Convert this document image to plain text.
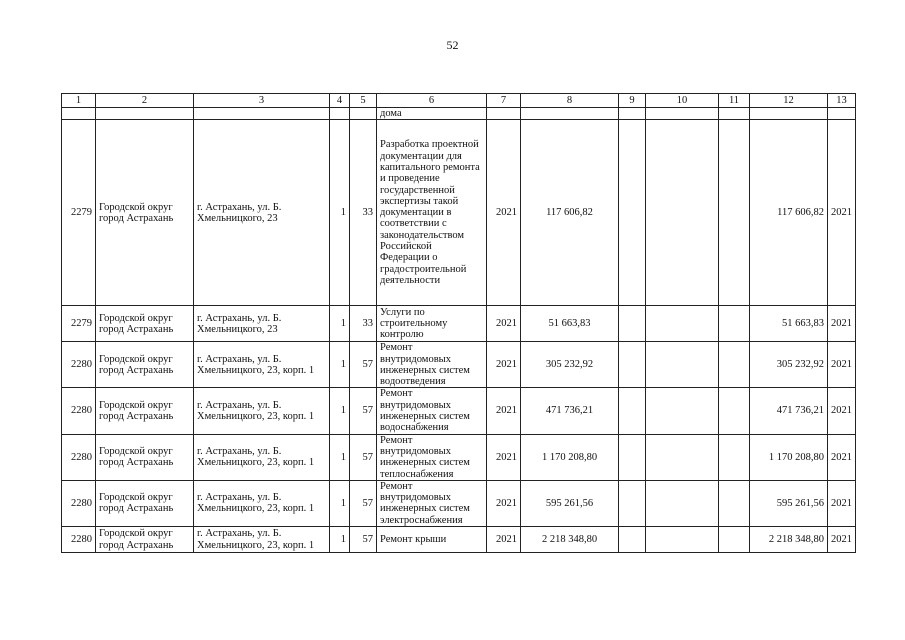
52
1	2	3	4	5	6	7	8	9	10	11	12	13
					дома							
2279	Городской округ город Астрахань	г. Астрахань, ул. Б. Хмельницкого, 23	1	33	Разработка проектной документации для капитального ремонта и проведение государственной экспертизы такой документации в соответствии с законодательством Российской Федерации о градостроительной деятельности	2021	117 606,82				117 606,82	2021
2279	Городской округ город Астрахань	г. Астрахань, ул. Б. Хмельницкого, 23	1	33	Услуги по строительному контролю	2021	51 663,83				51 663,83	2021
2280	Городской округ город Астрахань	г. Астрахань, ул. Б. Хмельницкого, 23, корп. 1	1	57	Ремонт внутридомовых инженерных систем водоотведения	2021	305 232,92				305 232,92	2021
2280	Городской округ город Астрахань	г. Астрахань, ул. Б. Хмельницкого, 23, корп. 1	1	57	Ремонт внутридомовых инженерных систем водоснабжения	2021	471 736,21				471 736,21	2021
2280	Городской округ город Астрахань	г. Астрахань, ул. Б. Хмельницкого, 23, корп. 1	1	57	Ремонт внутридомовых инженерных систем теплоснабжения	2021	1 170 208,80				1 170 208,80	2021
2280	Городской округ город Астрахань	г. Астрахань, ул. Б. Хмельницкого, 23, корп. 1	1	57	Ремонт внутридомовых инженерных систем электроснабжения	2021	595 261,56				595 261,56	2021
2280	Городской округ город Астрахань	г. Астрахань, ул. Б. Хмельницкого, 23, корп. 1	1	57	Ремонт крыши	2021	2 218 348,80				2 218 348,80	2021
